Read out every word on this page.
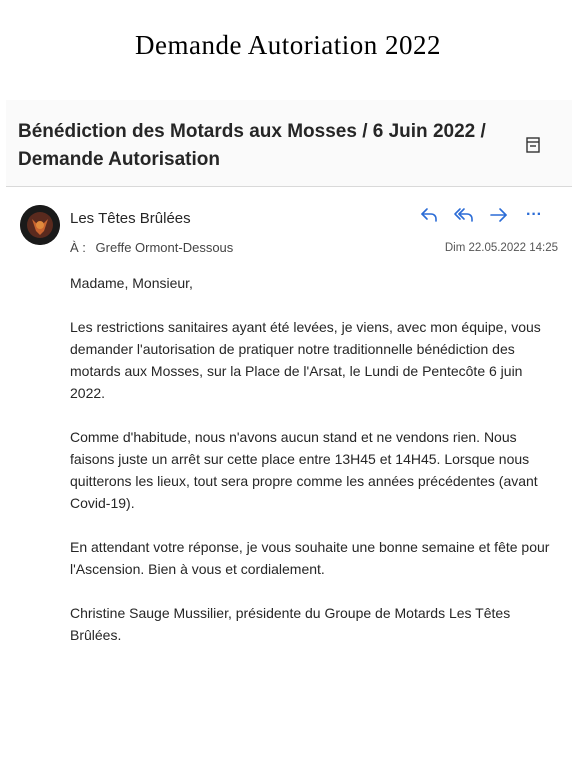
Demande Autoriation 2022
Bénédiction des Motards aux Mosses / 6 Juin 2022 / Demande Autorisation
Les Têtes Brûlées
À : Greffe Ormont-Dessous	Dim 22.05.2022 14:25
···

Madame, Monsieur,

Les restrictions sanitaires ayant été levées, je viens, avec mon équipe, vous demander l'autorisation de pratiquer notre traditionnelle bénédiction des motards aux Mosses, sur la Place de l'Arsat, le Lundi de Pentecôte 6 juin 2022.

Comme d'habitude, nous n'avons aucun stand et ne vendons rien. Nous faisons juste un arrêt sur cette place entre 13H45 et 14H45. Lorsque nous quitterons les lieux, tout sera propre comme les années précédentes (avant Covid-19).

En attendant votre réponse, je vous souhaite une bonne semaine et fête pour l'Ascension. Bien à vous et cordialement.

Christine Sauge Mussilier, présidente du Groupe de Motards Les Têtes Brûlées.
